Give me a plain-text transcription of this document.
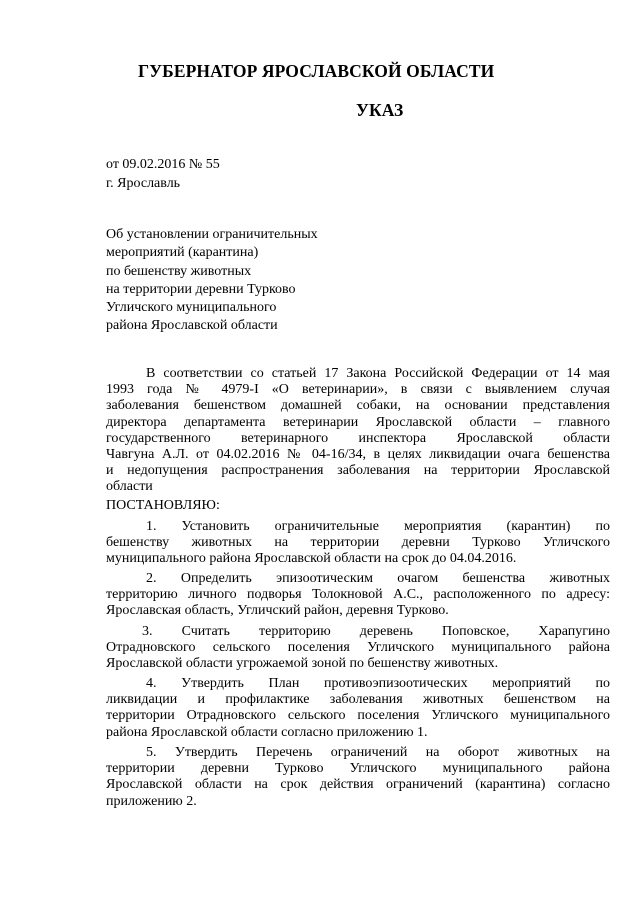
ГУБЕРНАТОР ЯРОСЛАВСКОЙ ОБЛАСТИ
УКАЗ
от 09.02.2016 № 55
г. Ярославль
Об установлении ограничительных
мероприятий (карантина)
по бешенству животных
на территории деревни Турково
Угличского муниципального
района Ярославской области

В соответствии со статьей 17 Закона Российской Федерации от 14 мая
1993 года № 4979-I «О ветеринарии», в связи с выявлением случая
заболевания бешенством домашней собаки, на основании представления
директора департамента ветеринарии Ярославской области – главного
государственного ветеринарного инспектора Ярославской области
Чавгуна А.Л. от 04.02.2016 № 04-16/34, в целях ликвидации очага бешенства
и недопущения распространения заболевания на территории Ярославской
области

ПОСТАНОВЛЯЮ:

1. Установить ограничительные мероприятия (карантин) по
бешенству животных на территории деревни Турково Угличского
муниципального района Ярославской области на срок до 04.04.2016.

2. Определить эпизоотическим очагом бешенства животных
территорию личного подворья Толокновой А.С., расположенного по адресу:
Ярославская область, Угличский район, деревня Турково.

3. Считать территорию деревень Поповское, Харапугино
Отрадновского сельского поселения Угличского муниципального района
Ярославской области угрожаемой зоной по бешенству животных.

4. Утвердить План противоэпизоотических мероприятий по
ликвидации и профилактике заболевания животных бешенством на
территории Отрадновского сельского поселения Угличского муниципального
района Ярославской области согласно приложению 1.

5. Утвердить Перечень ограничений на оборот животных на
территории деревни Турково Угличского муниципального района
Ярославской области на срок действия ограничений (карантина) согласно
приложению 2.
